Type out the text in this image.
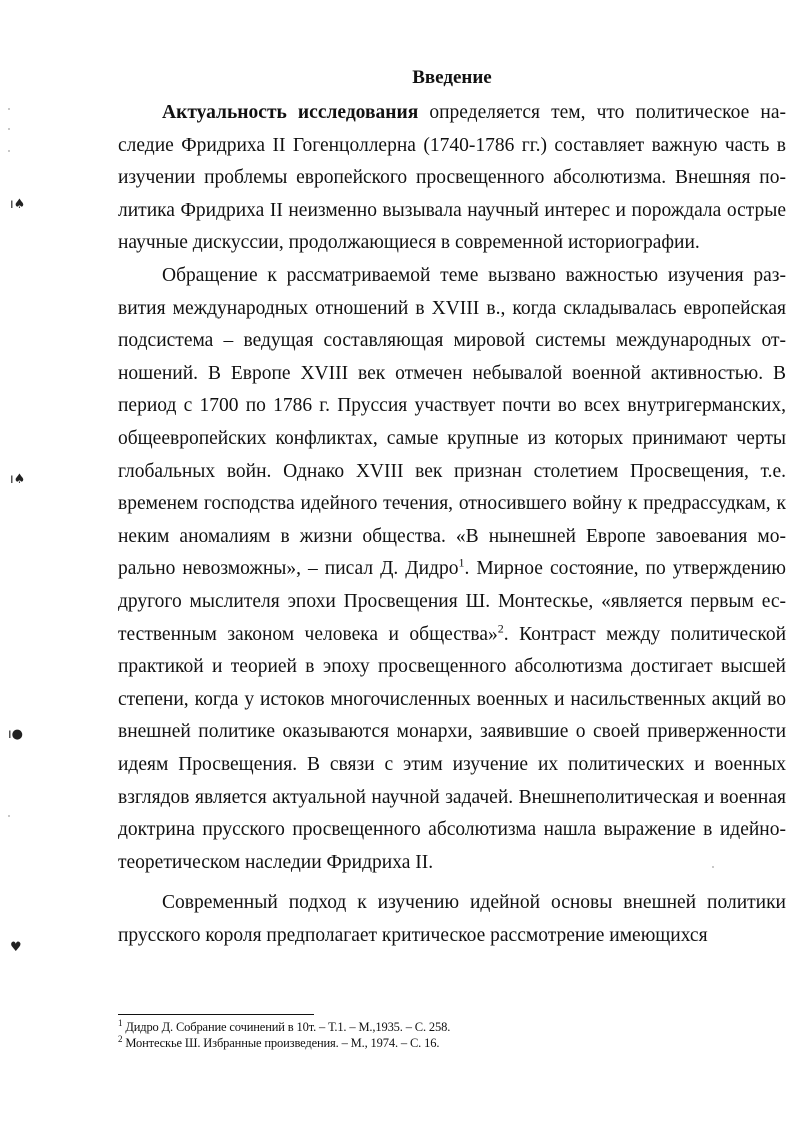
Введение

Актуальность исследования определяется тем, что политическое наследие Фридриха II Гогенцоллерна (1740-1786 гг.) составляет важную часть в изучении проблемы европейского просвещенного абсолютизма. Внешняя политика Фридриха II неизменно вызывала научный интерес и порождала острые научные дискуссии, продолжающиеся в современной историографии.

Обращение к рассматриваемой теме вызвано важностью изучения развития международных отношений в XVIII в., когда складывалась европейская подсистема – ведущая составляющая мировой системы международных отношений. В Европе XVIII век отмечен небывалой военной активностью. В период с 1700 по 1786 г. Пруссия участвует почти во всех внутригерманских, общеевропейских конфликтах, самые крупные из которых принимают черты глобальных войн. Однако XVIII век признан столетием Просвещения, т.е. временем господства идейного течения, относившего войну к предрассудкам, к неким аномалиям в жизни общества. «В нынешней Европе завоевания морально невозможны», – писал Д. Дидро$^1$. Мирное состояние, по утверждению другого мыслителя эпохи Просвещения Ш. Монтескье, «является первым естественным законом человека и общества»$^2$. Контраст между политической практикой и теорией в эпоху просвещенного абсолютизма достигает высшей степени, когда у истоков многочисленных военных и насильственных акций во внешней политике оказываются монархи, заявившие о своей приверженности идеям Просвещения. В связи с этим изучение их политических и военных взглядов является актуальной научной задачей. Внешнеполитическая и военная доктрина прусского просвещенного абсолютизма нашла выражение в идейно-теоретическом наследии Фридриха II.

Современный подход к изучению идейной основы внешней политики прусского короля предполагает критическое рассмотрение имеющихся

$^1$ Дидро Д. Собрание сочинений в 10т. – Т.1. – М.,1935. – С. 258.
$^2$ Монтескье Ш. Избранные произведения. – М., 1974. – С. 16.
ı♠
ı♠
ı●
♥
